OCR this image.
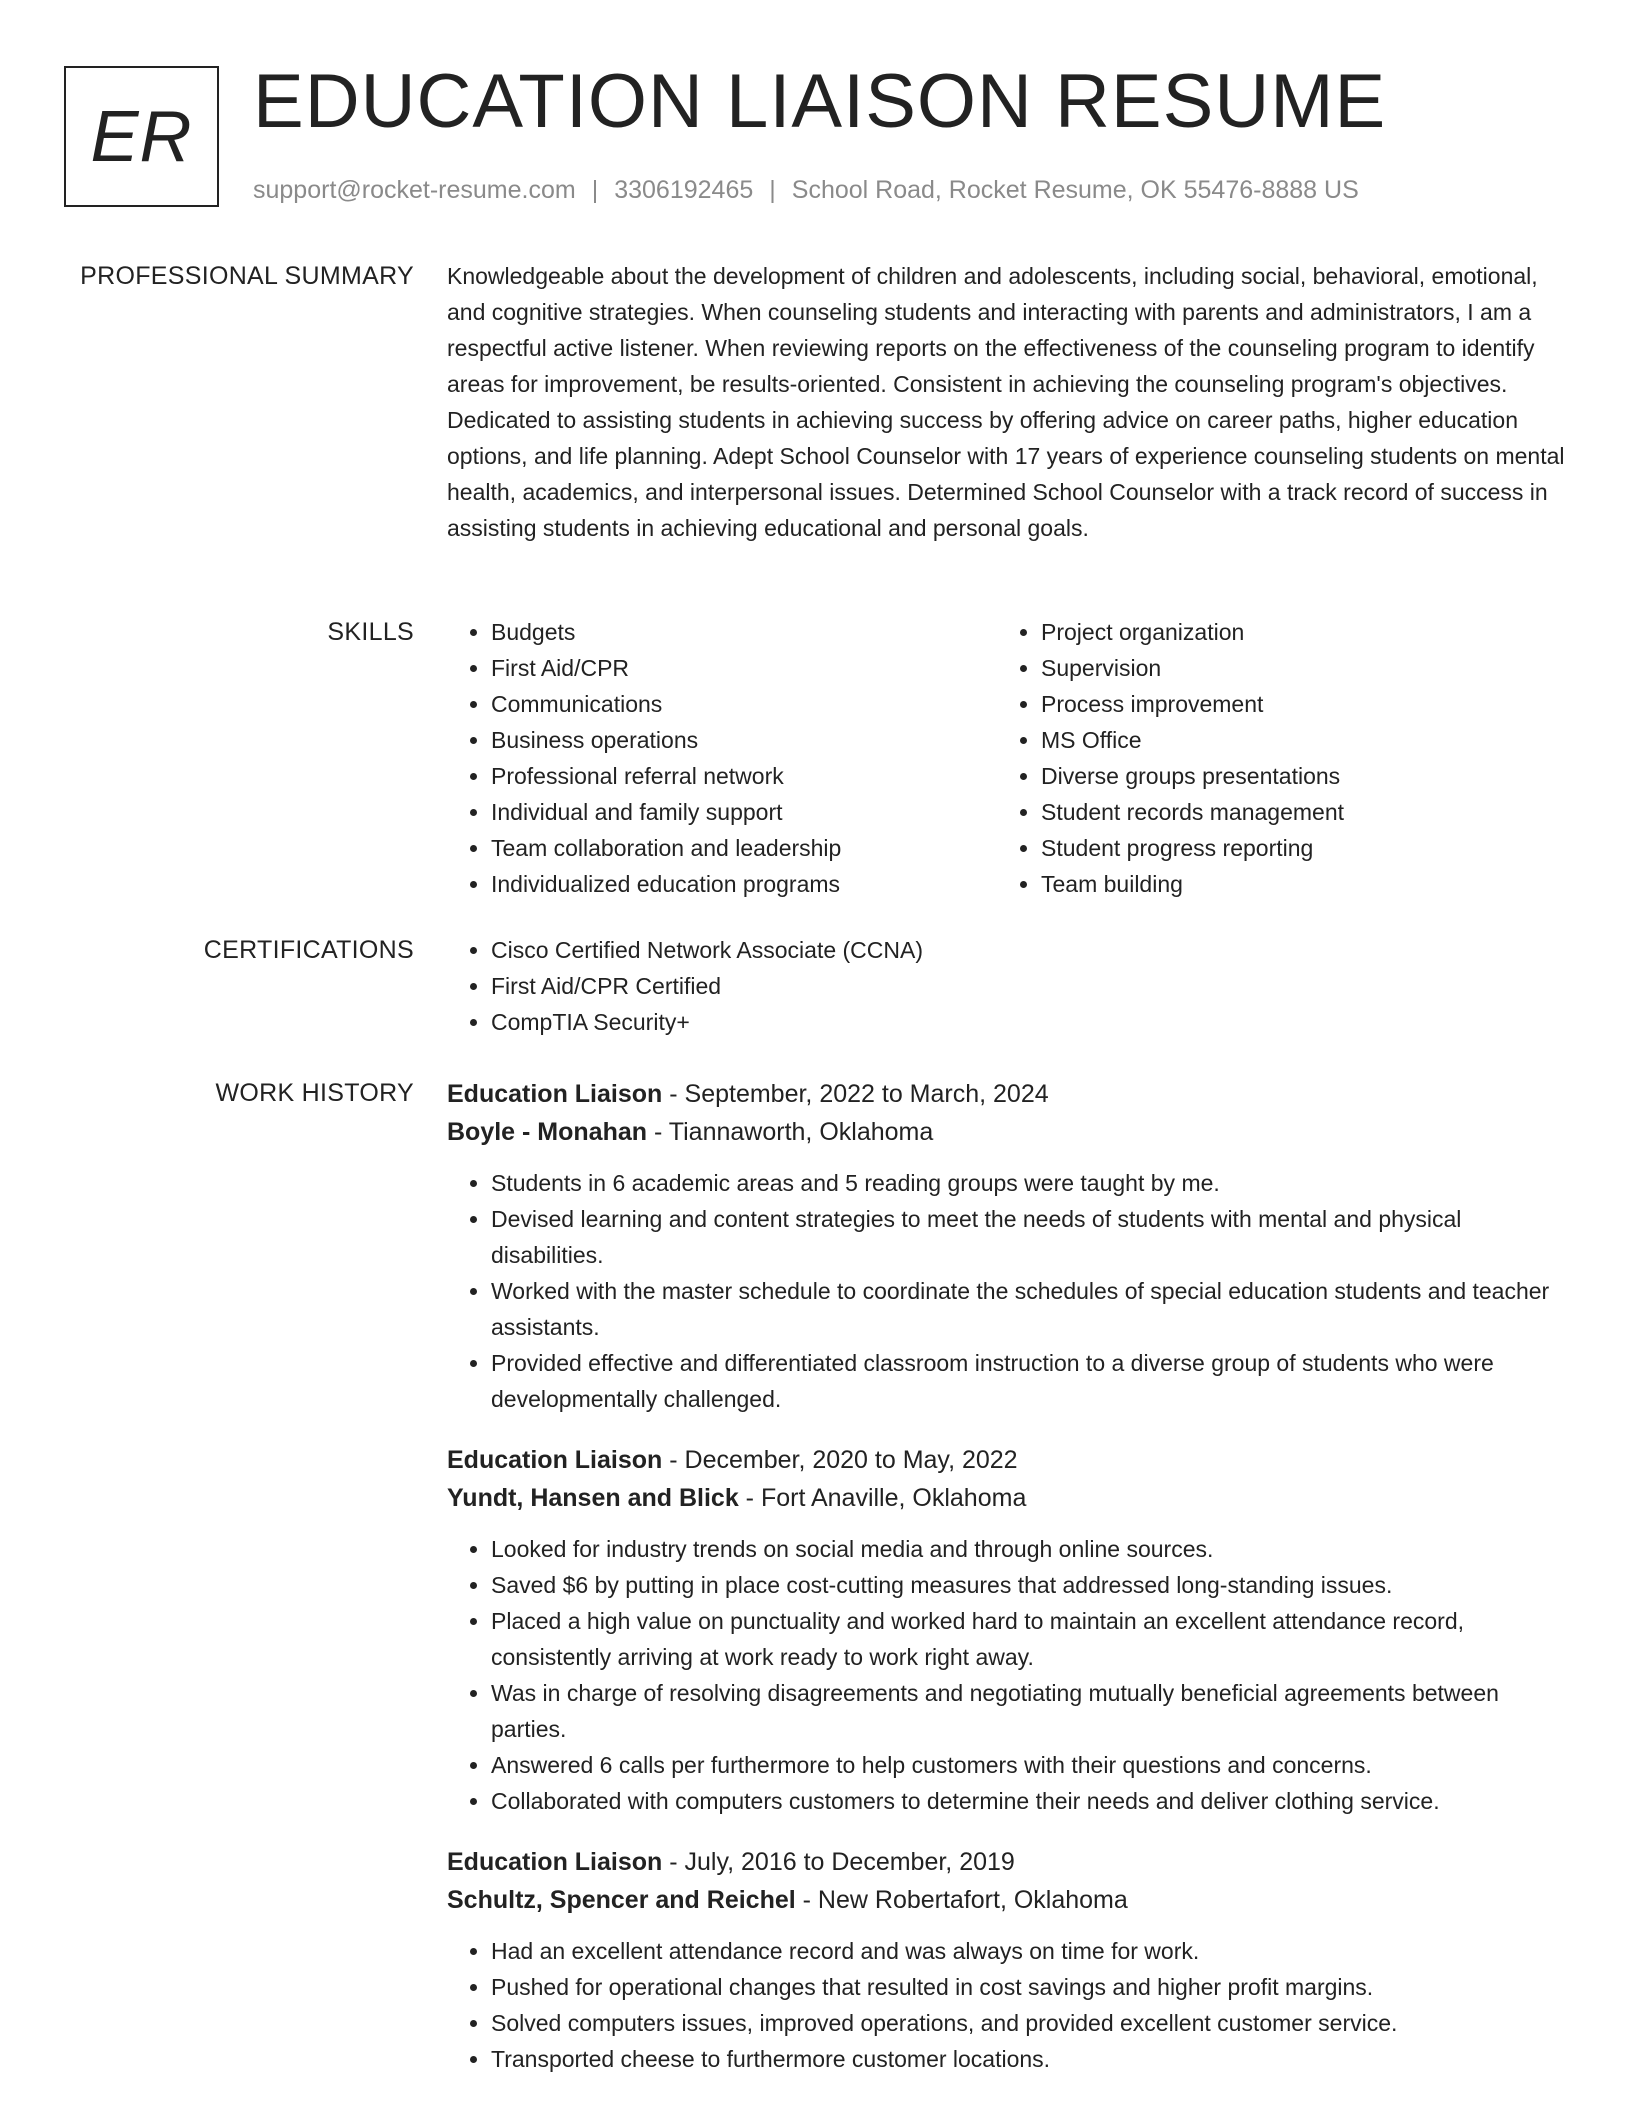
ER EDUCATION LIAISON RESUME
support@rocket-resume.com | 3306192465 | School Road, Rocket Resume, OK 55476-8888 US
PROFESSIONAL SUMMARY Knowledgeable about the development of children and adolescents, including social, behavioral, emotional, and cognitive strategies. When counseling students and interacting with parents and administrators, I am a respectful active listener. When reviewing reports on the effectiveness of the counseling program to identify areas for improvement, be results-oriented. Consistent in achieving the counseling program's objectives. Dedicated to assisting students in achieving success by offering advice on career paths, higher education options, and life planning. Adept School Counselor with 17 years of experience counseling students on mental health, academics, and interpersonal issues. Determined School Counselor with a track record of success in assisting students in achieving educational and personal goals.

SKILLS	• Budgets
• First Aid/CPR
• Communications
• Business operations
• Professional referral network
• Individual and family support
• Team collaboration and leadership
• Individualized education programs
• Project organization
• Supervision
• Process improvement
• MS Office
• Diverse groups presentations
• Student records management
• Student progress reporting
• Team building
CERTIFICATIONS	• Cisco Certified Network Associate (CCNA)
• First Aid/CPR Certified
• CompTIA Security+
WORK HISTORY Education Liaison - September, 2022 to March, 2024
Boyle - Monahan - Tiannaworth, Oklahoma
• Students in 6 academic areas and 5 reading groups were taught by me.
• Devised learning and content strategies to meet the needs of students with mental and physical disabilities.
• Worked with the master schedule to coordinate the schedules of special education students and teacher assistants.
• Provided effective and differentiated classroom instruction to a diverse group of students who were developmentally challenged.
Education Liaison - December, 2020 to May, 2022
Yundt, Hansen and Blick - Fort Anaville, Oklahoma
• Looked for industry trends on social media and through online sources.
• Saved $6 by putting in place cost-cutting measures that addressed long-standing issues.
• Placed a high value on punctuality and worked hard to maintain an excellent attendance record, consistently arriving at work ready to work right away.
• Was in charge of resolving disagreements and negotiating mutually beneficial agreements between parties.
• Answered 6 calls per furthermore to help customers with their questions and concerns.
• Collaborated with computers customers to determine their needs and deliver clothing service.
Education Liaison - July, 2016 to December, 2019
Schultz, Spencer and Reichel - New Robertafort, Oklahoma
• Had an excellent attendance record and was always on time for work.
• Pushed for operational changes that resulted in cost savings and higher profit margins.
• Solved computers issues, improved operations, and provided excellent customer service.
• Transported cheese to furthermore customer locations.
